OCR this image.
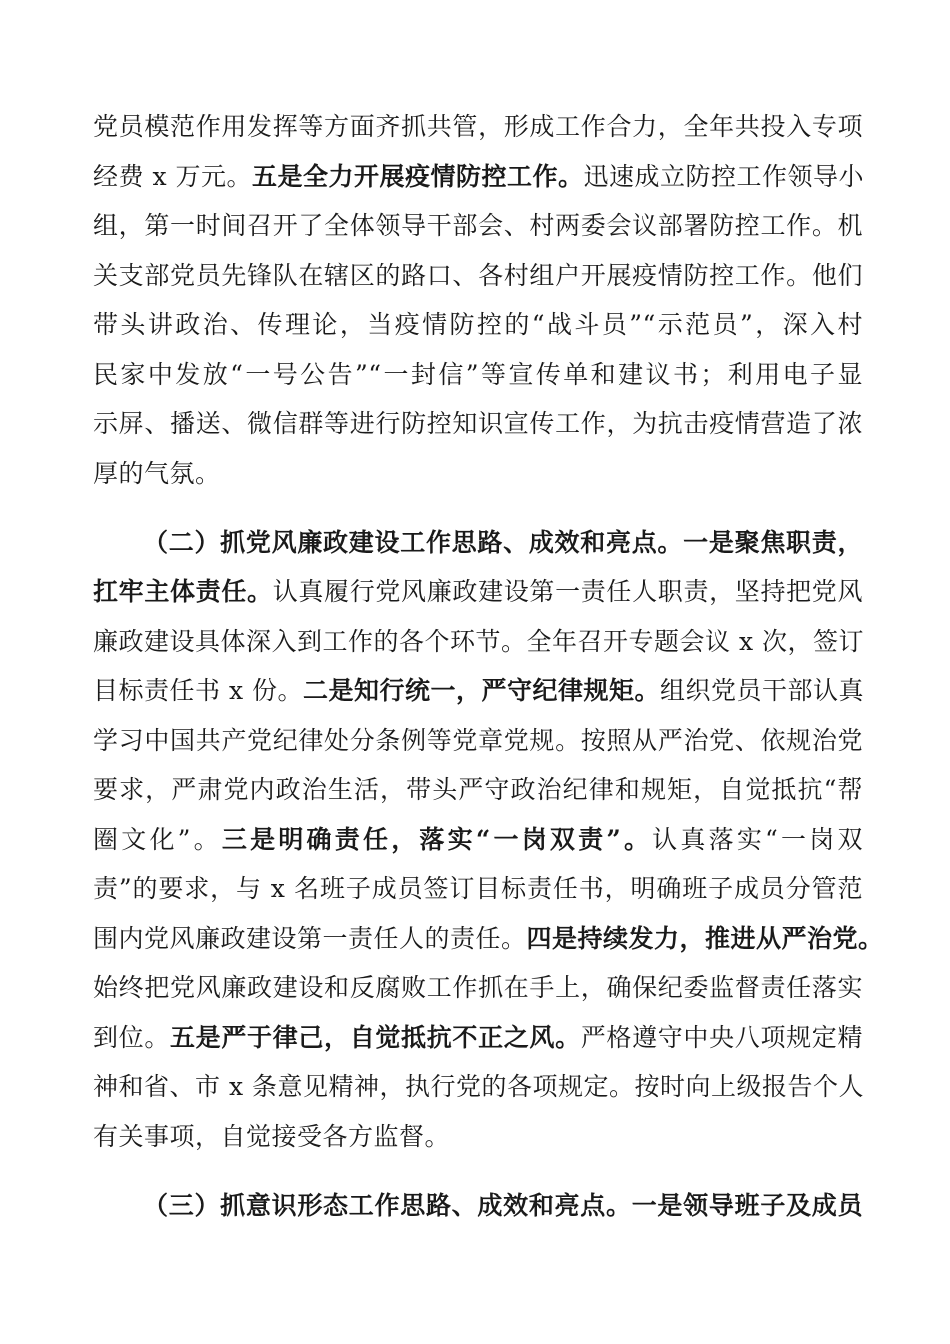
党员模范作用发挥等方面齐抓共管，形成工作合力，全年共投入专项
经费 x 万元。五是全力开展疫情防控工作。迅速成立防控工作领导小
组，第一时间召开了全体领导干部会、村两委会议部署防控工作。机
关支部党员先锋队在辖区的路口、各村组户开展疫情防控工作。他们
带头讲政治、传理论，当疫情防控的“战斗员”“示范员”，深入村
民家中发放“一号公告”“一封信”等宣传单和建议书；利用电子显
示屏、播送、微信群等进行防控知识宣传工作，为抗击疫情营造了浓
厚的气氛。
（二）抓党风廉政建设工作思路、成效和亮点。一是聚焦职责，
扛牢主体责任。认真履行党风廉政建设第一责任人职责，坚持把党风
廉政建设具体深入到工作的各个环节。全年召开专题会议 x 次，签订
目标责任书 x 份。二是知行统一，严守纪律规矩。组织党员干部认真
学习中国共产党纪律处分条例等党章党规。按照从严治党、依规治党
要求，严肃党内政治生活，带头严守政治纪律和规矩，自觉抵抗“帮
圈文化”。三是明确责任，落实“一岗双责”。认真落实“一岗双
责”的要求，与 x 名班子成员签订目标责任书，明确班子成员分管范
围内党风廉政建设第一责任人的责任。四是持续发力，推进从严治党。
始终把党风廉政建设和反腐败工作抓在手上，确保纪委监督责任落实
到位。五是严于律己，自觉抵抗不正之风。严格遵守中央八项规定精
神和省、市 x 条意见精神，执行党的各项规定。按时向上级报告个人
有关事项，自觉接受各方监督。
（三）抓意识形态工作思路、成效和亮点。一是领导班子及成员
